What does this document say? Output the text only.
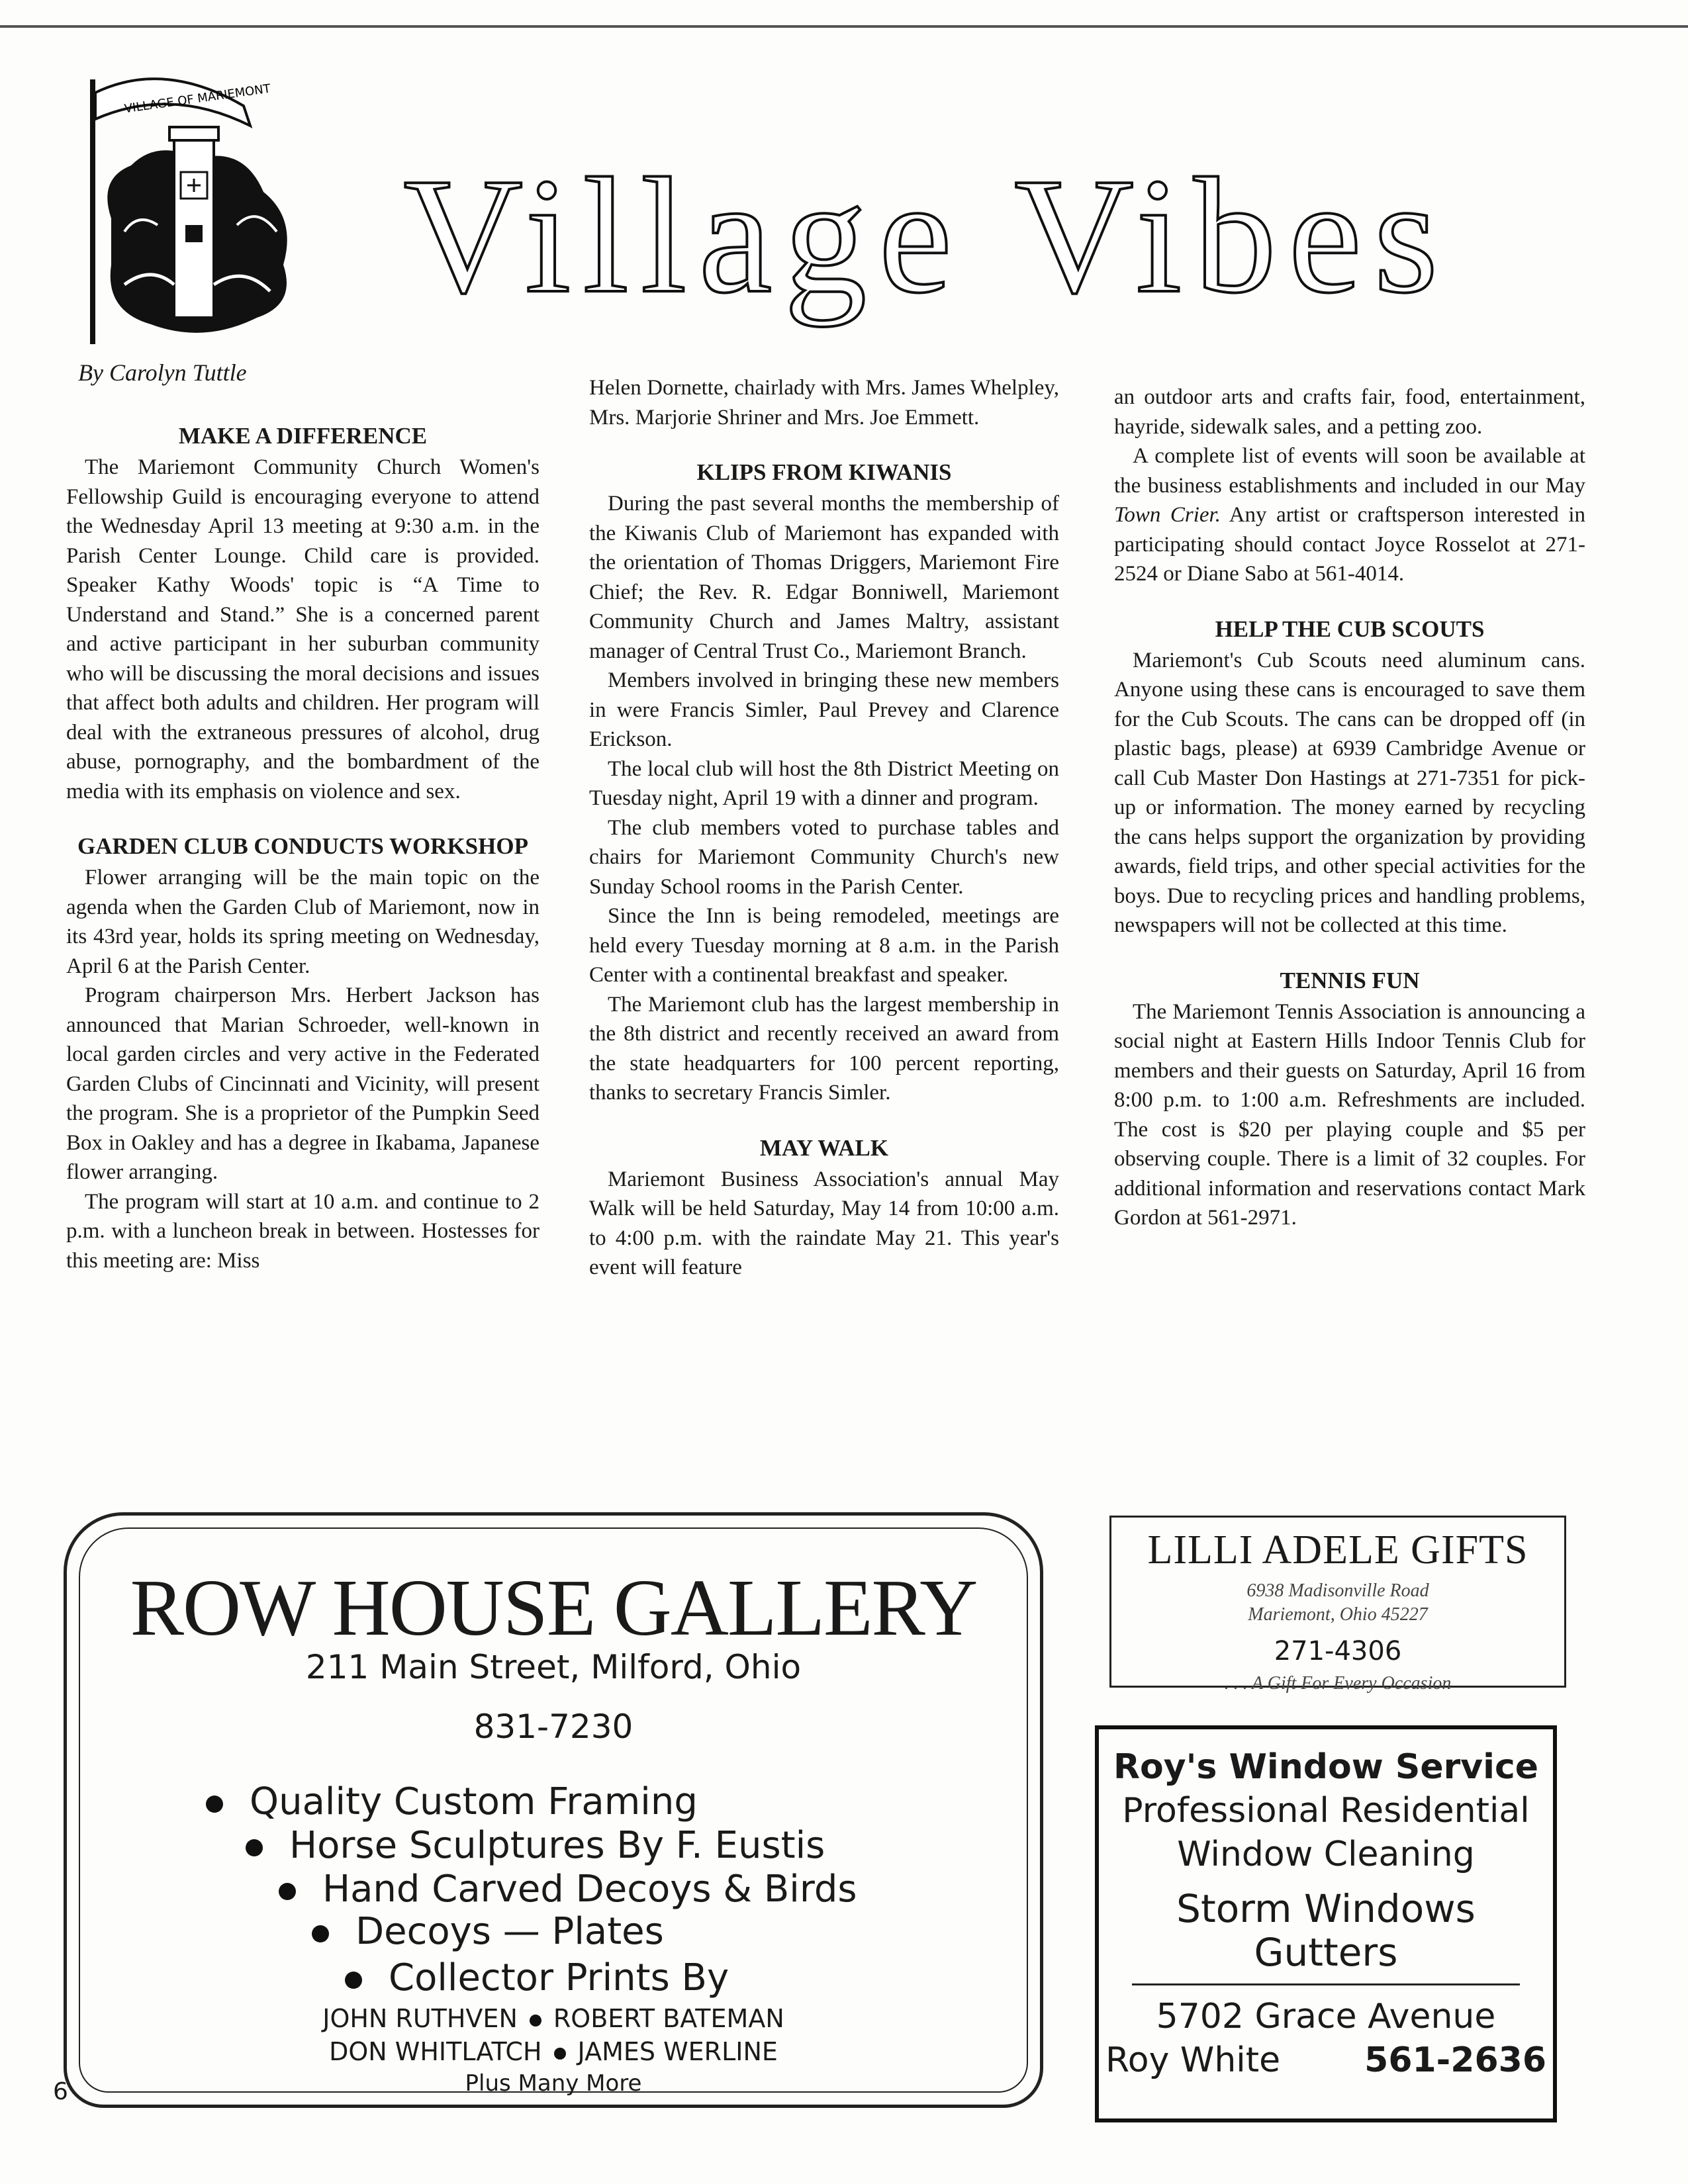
VILLAGE OF MARIEMONT
Village Vibes
By Carolyn Tuttle
MAKE A DIFFERENCE

The Mariemont Community Church Women's Fellowship Guild is encouraging everyone to attend the Wednesday April 13 meeting at 9:30 a.m. in the Parish Center Lounge. Child care is provided. Speaker Kathy Woods' topic is “A Time to Understand and Stand.” She is a concerned parent and active participant in her suburban community who will be discussing the moral decisions and issues that affect both adults and children. Her program will deal with the extraneous pressures of alcohol, drug abuse, pornography, and the bombardment of the media with its emphasis on violence and sex.

GARDEN CLUB CONDUCTS WORKSHOP

Flower arranging will be the main topic on the agenda when the Garden Club of Mariemont, now in its 43rd year, holds its spring meeting on Wednesday, April 6 at the Parish Center.

Program chairperson Mrs. Herbert Jackson has announced that Marian Schroeder, well-known in local garden circles and very active in the Federated Garden Clubs of Cincinnati and Vicinity, will present the program. She is a proprietor of the Pumpkin Seed Box in Oakley and has a degree in Ikabama, Japanese flower arranging.

The program will start at 10 a.m. and continue to 2 p.m. with a luncheon break in between. Hostesses for this meeting are: Miss

Helen Dornette, chairlady with Mrs. James Whelpley, Mrs. Marjorie Shriner and Mrs. Joe Emmett.

KLIPS FROM KIWANIS

During the past several months the membership of the Kiwanis Club of Mariemont has expanded with the orientation of Thomas Driggers, Mariemont Fire Chief; the Rev. R. Edgar Bonniwell, Mariemont Community Church and James Maltry, assistant manager of Central Trust Co., Mariemont Branch.

Members involved in bringing these new members in were Francis Simler, Paul Prevey and Clarence Erickson.

The local club will host the 8th District Meeting on Tuesday night, April 19 with a dinner and program.

The club members voted to purchase tables and chairs for Mariemont Community Church's new Sunday School rooms in the Parish Center.

Since the Inn is being remodeled, meetings are held every Tuesday morning at 8 a.m. in the Parish Center with a continental breakfast and speaker.

The Mariemont club has the largest membership in the 8th district and recently received an award from the state headquarters for 100 percent reporting, thanks to secretary Francis Simler.

MAY WALK

Mariemont Business Association's annual May Walk will be held Saturday, May 14 from 10:00 a.m. to 4:00 p.m. with the raindate May 21. This year's event will feature

an outdoor arts and crafts fair, food, entertainment, hayride, sidewalk sales, and a petting zoo.

A complete list of events will soon be available at the business establishments and included in our May Town Crier. Any artist or craftsperson interested in participating should contact Joyce Rosselot at 271-2524 or Diane Sabo at 561-4014.

HELP THE CUB SCOUTS

Mariemont's Cub Scouts need aluminum cans. Anyone using these cans is encouraged to save them for the Cub Scouts. The cans can be dropped off (in plastic bags, please) at 6939 Cambridge Avenue or call Cub Master Don Hastings at 271-7351 for pick-up or information. The money earned by recycling the cans helps support the organization by providing awards, field trips, and other special activities for the boys. Due to recycling prices and handling problems, newspapers will not be collected at this time.

TENNIS FUN

The Mariemont Tennis Association is announcing a social night at Eastern Hills Indoor Tennis Club for members and their guests on Saturday, April 16 from 8:00 p.m. to 1:00 a.m. Refreshments are included. The cost is $20 per playing couple and $5 per observing couple. There is a limit of 32 couples. For additional information and reservations contact Mark Gordon at 561-2971.

ROW HOUSE GALLERY
211 Main Street, Milford, Ohio
831-7230
Quality Custom Framing
Horse Sculptures By F. Eustis
Hand Carved Decoys & Birds
Decoys — Plates
Collector Prints By
JOHN RUTHVEN ROBERT BATEMAN
DON WHITLATCH JAMES WERLINE
Plus Many More
LILLI ADELE GIFTS
6938 Madisonville Road
Mariemont, Ohio 45227
271-4306
. . . A Gift For Every Occasion
Roy's Window Service
Professional Residential
Window Cleaning
Storm Windows
Gutters
5702 Grace Avenue
Roy White 561-2636
6
